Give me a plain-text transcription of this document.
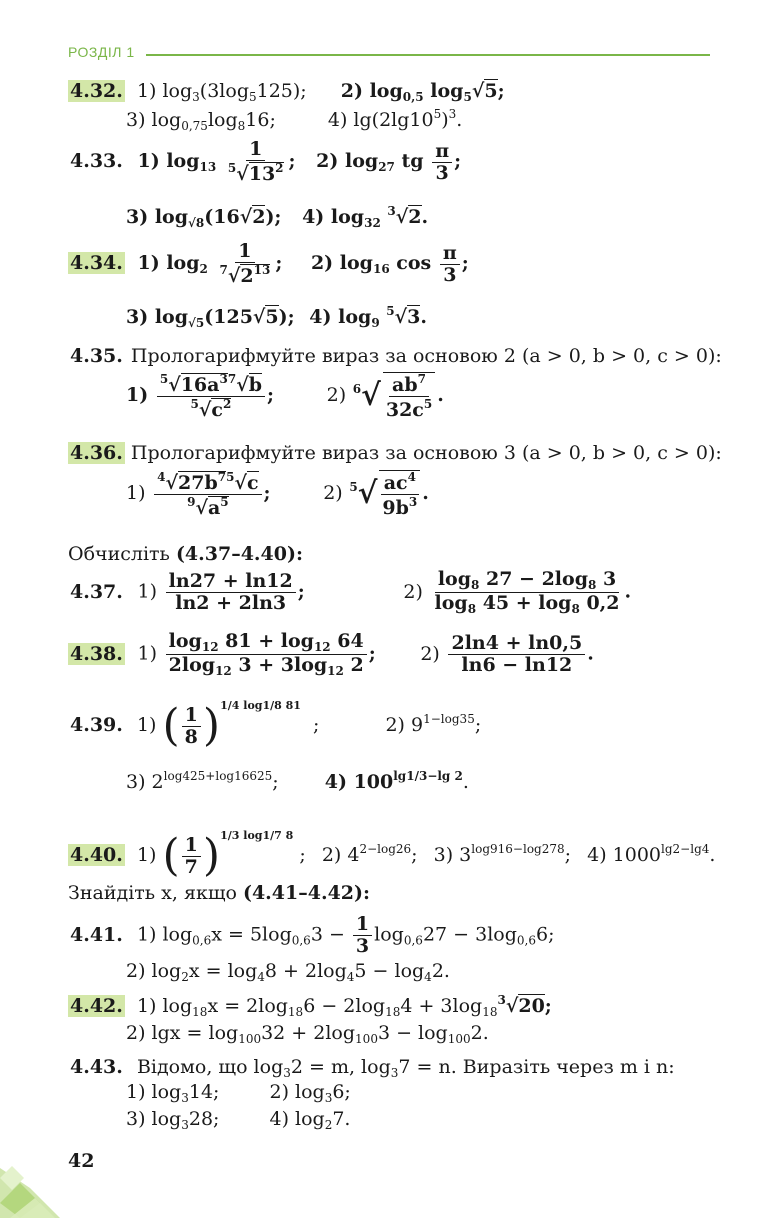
РОЗДІЛ 1
4.32. 1) $\log_3(3\log_5125)$; 2) $\log_{0,5} \log_5√5$;
3) $\log_{0,75}\log_816$;	4) $\lg(2\lg 10^5)^3$.
4.33. 1) $\log_{13} \frac{1}{^5√13^2}$ ; 2) $\log_{27}$ tg $\frac{\pi}{3}$ ;
3) $\log_{√8}(16√2)$; 4) $\log_{32} ^3√2$.
4.34. 1) $\log_2 \frac{1}{^7√2^{13}}$ ; 2) $\log_{16} \cos \frac{\pi}{3}$ ;
3) $\log_{√5}(125√5)$; 4) $\log_9 ^5√3$.
4.35. Прологарифмуйте вираз за основою 2 (a > 0, b > 0, c > 0):
$1) \frac{^5√16a^{37}√b}{^5√c^2}$ ;	2) $^6√ \frac{ab^7}{32c^5}$ .
4.36. Прологарифмуйте вираз за основою 3 (a > 0, b > 0, c > 0):
$1) \frac{^4√27b^{75}√c}{^9√a^5}$ ;	2) $^5√ \frac{ac^4}{9b^3}$ .
Обчисліть (4.37–4.40):
4.37. $1) \frac{\ln 27 + \ln 12}{\ln 2 + 2\ln 3}$ ;	$2) \frac{\log_8 27 - 2\log_8 3}{\log_8 45 + \log_8 0,2}$ .
4.38. $1) \frac{\log_{12} 81 + \log_{12} 64}{2\log_{12} 3 + 3\log_{12} 2}$ ; $2) \frac{2\ln 4 + \ln 0,5}{\ln 6 - \ln 12}$ .
4.39. 1) ( $\frac{1}{8} )^{1/4 log1/8 81}$ ;	2) $9^{1-log35}$;
3) $2^{log425+log16625}$; 4) $100^{lg1/3-lg 2}$.
4.40. 1) ( $\frac{1}{7} )^{1/3 log1/7 8}$ ; 2) $4^{2-log26}$; 3) $3^{log916-log278}$; 4) $1000^{lg2-lg4}$.
Знайдіть x, якщо (4.41–4.42):
4.41. 1) $\log_{0,6}x = 5\log_{0,6}3 - \frac{1}{3} \log_{0,6}27 - 3\log_{0,6}6$;
2) $\log_2x = \log_48 + 2\log_45 - \log_42$.
4.42. 1) $\log_{18}x = 2\log_{18}6 - 2\log_{18}4 + 3\log_{18}^3√20$;
2) $\lg x = \log_{100}32 + 2\log_{100}3 - \log_{100}2$.
4.43. Відомо, що $\log_32 = m$, $\log_37 = n$. Виразіть через m і n:
1) $\log_314$;	2) $\log_36$;
3) $\log_328$;	4) $\log_27$.
42
